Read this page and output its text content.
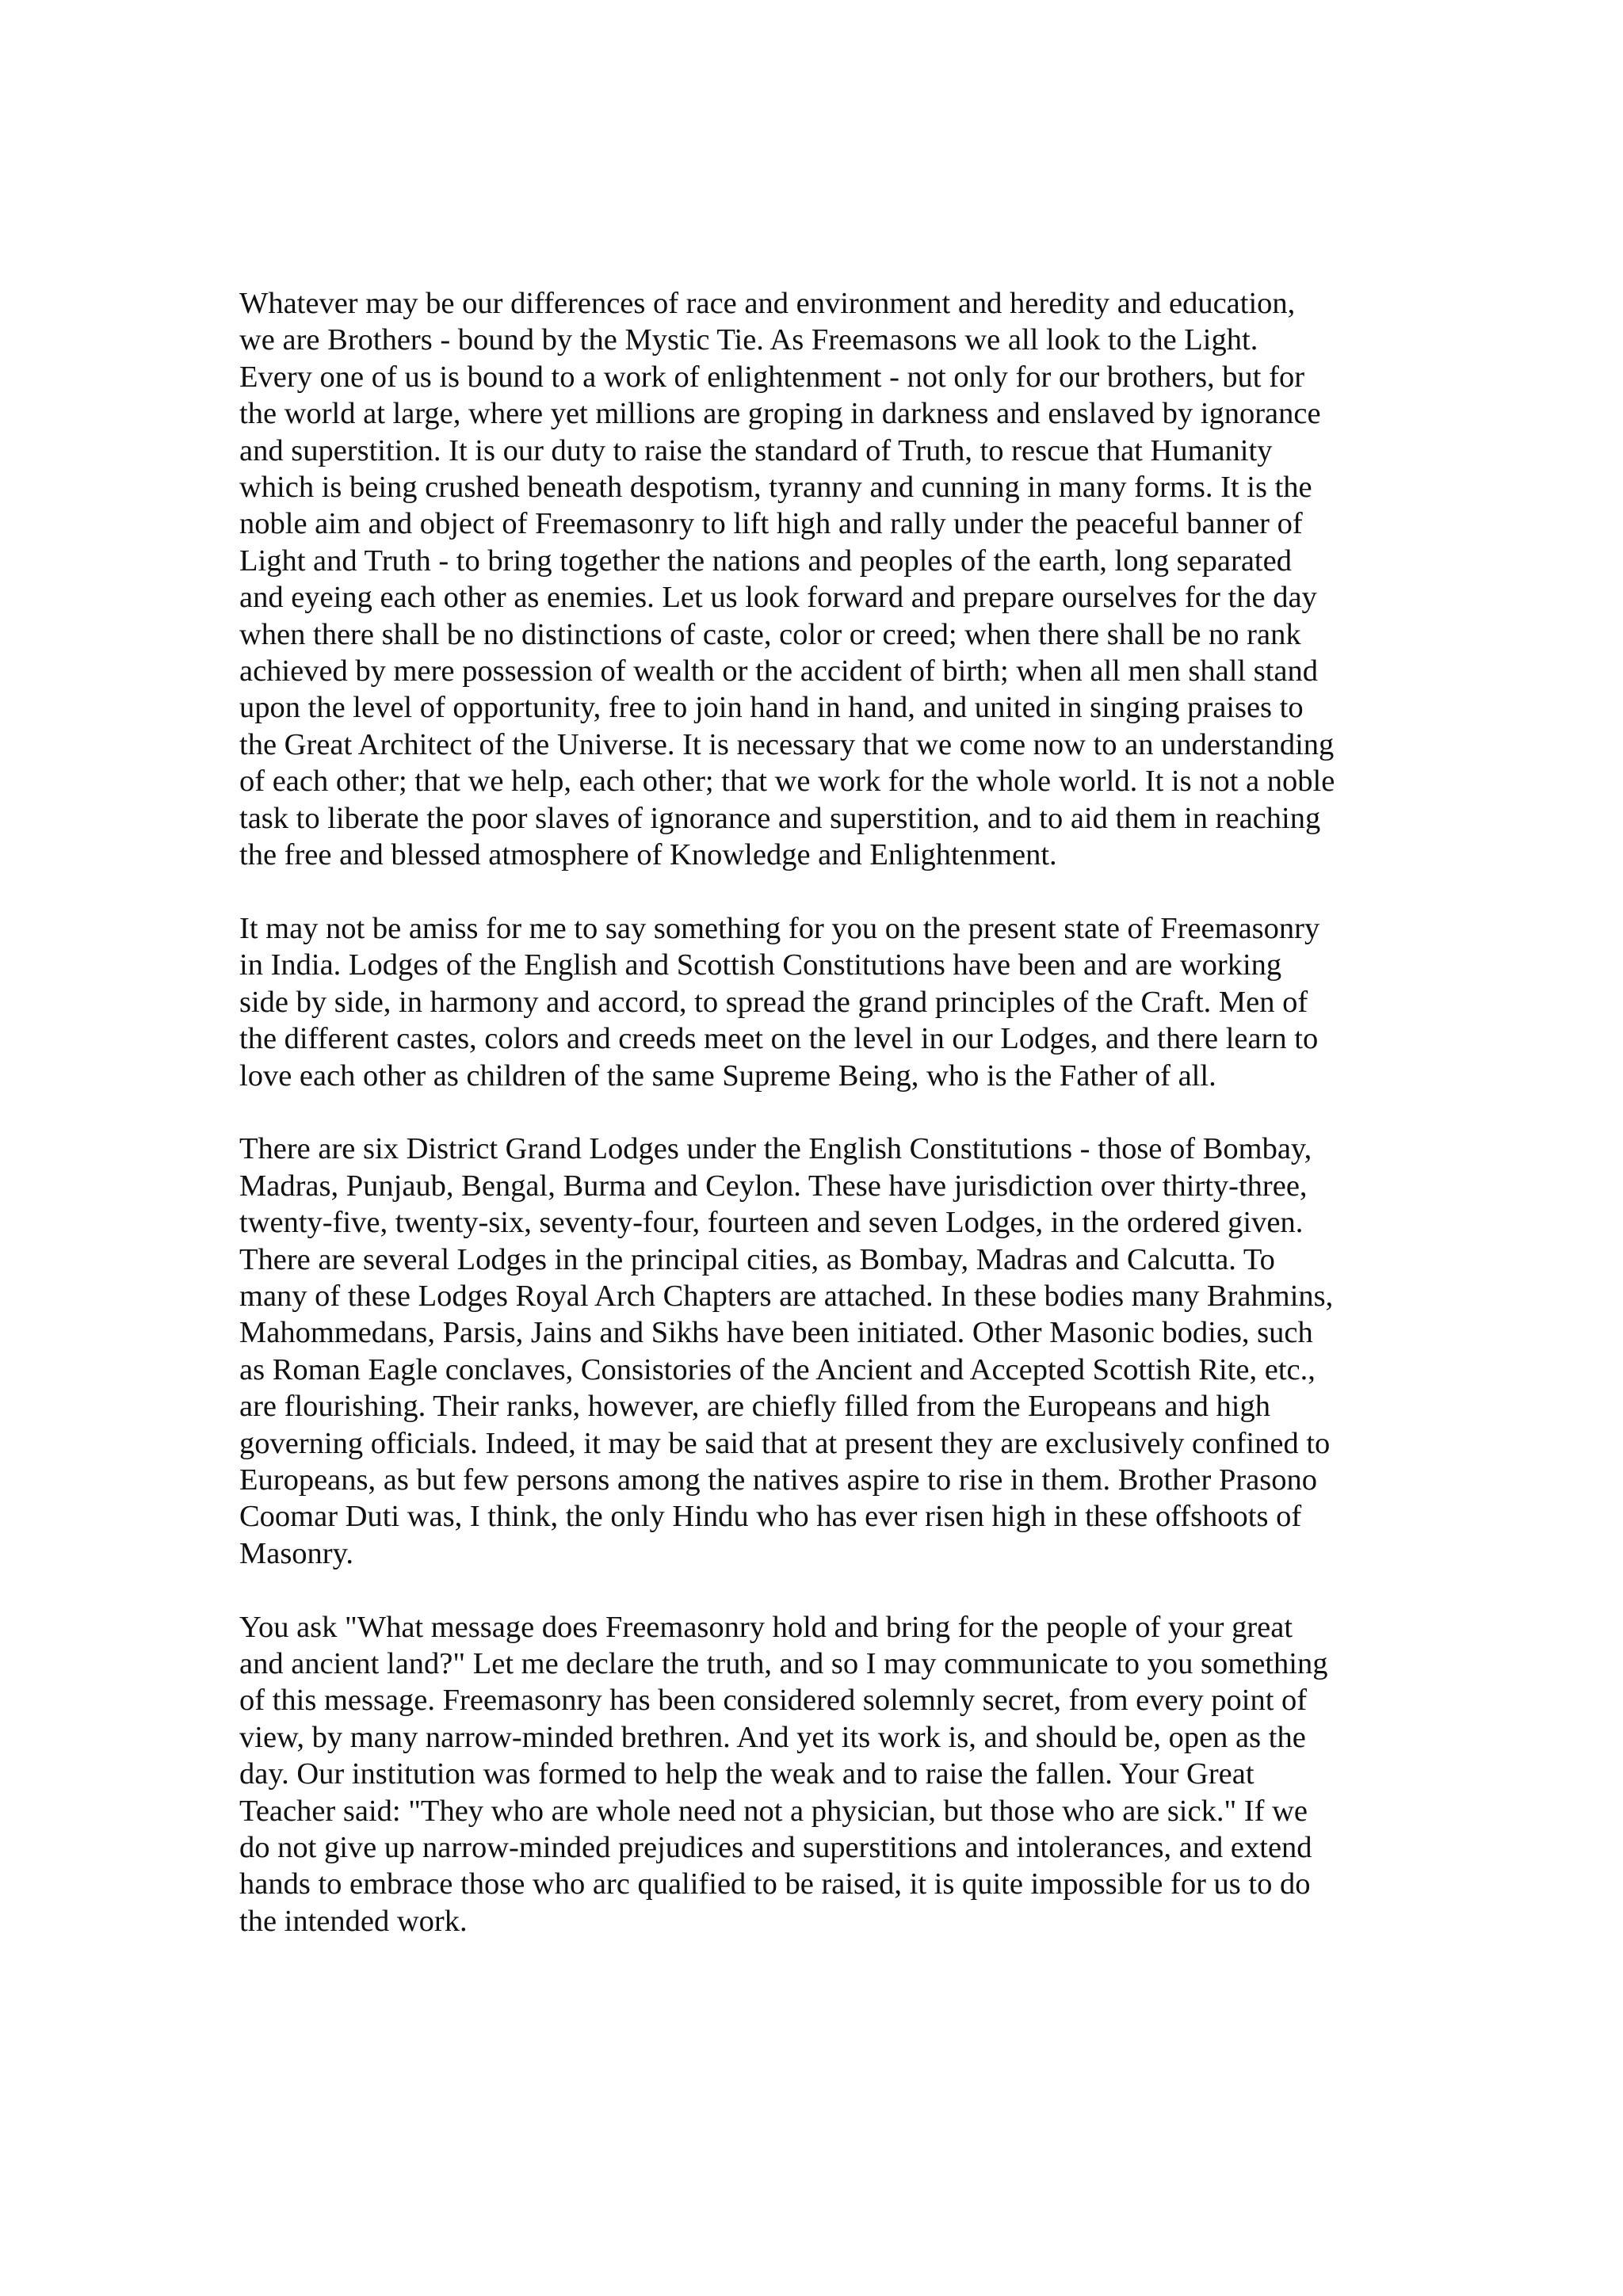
Whatever may be our differences of race and environment and heredity and education,
we are Brothers - bound by the Mystic Tie. As Freemasons we all look to the Light.
Every one of us is bound to a work of enlightenment - not only for our brothers, but for
the world at large, where yet millions are groping in darkness and enslaved by ignorance
and superstition. It is our duty to raise the standard of Truth, to rescue that Humanity
which is being crushed beneath despotism, tyranny and cunning in many forms. It is the
noble aim and object of Freemasonry to lift high and rally under the peaceful banner of
Light and Truth - to bring together the nations and peoples of the earth, long separated
and eyeing each other as enemies. Let us look forward and prepare ourselves for the day
when there shall be no distinctions of caste, color or creed; when there shall be no rank
achieved by mere possession of wealth or the accident of birth; when all men shall stand
upon the level of opportunity, free to join hand in hand, and united in singing praises to
the Great Architect of the Universe. It is necessary that we come now to an understanding
of each other; that we help, each other; that we work for the whole world. It is not a noble
task to liberate the poor slaves of ignorance and superstition, and to aid them in reaching
the free and blessed atmosphere of Knowledge and Enlightenment.

It may not be amiss for me to say something for you on the present state of Freemasonry
in India. Lodges of the English and Scottish Constitutions have been and are working
side by side, in harmony and accord, to spread the grand principles of the Craft. Men of
the different castes, colors and creeds meet on the level in our Lodges, and there learn to
love each other as children of the same Supreme Being, who is the Father of all.

There are six District Grand Lodges under the English Constitutions - those of Bombay,
Madras, Punjaub, Bengal, Burma and Ceylon. These have jurisdiction over thirty-three,
twenty-five, twenty-six, seventy-four, fourteen and seven Lodges, in the ordered given.
There are several Lodges in the principal cities, as Bombay, Madras and Calcutta. To
many of these Lodges Royal Arch Chapters are attached. In these bodies many Brahmins,
Mahommedans, Parsis, Jains and Sikhs have been initiated. Other Masonic bodies, such
as Roman Eagle conclaves, Consistories of the Ancient and Accepted Scottish Rite, etc.,
are flourishing. Their ranks, however, are chiefly filled from the Europeans and high
governing officials. Indeed, it may be said that at present they are exclusively confined to
Europeans, as but few persons among the natives aspire to rise in them. Brother Prasono
Coomar Duti was, I think, the only Hindu who has ever risen high in these offshoots of
Masonry.

You ask "What message does Freemasonry hold and bring for the people of your great
and ancient land?" Let me declare the truth, and so I may communicate to you something
of this message. Freemasonry has been considered solemnly secret, from every point of
view, by many narrow-minded brethren. And yet its work is, and should be, open as the
day. Our institution was formed to help the weak and to raise the fallen. Your Great
Teacher said: "They who are whole need not a physician, but those who are sick." If we
do not give up narrow-minded prejudices and superstitions and intolerances, and extend
hands to embrace those who arc qualified to be raised, it is quite impossible for us to do
the intended work.
